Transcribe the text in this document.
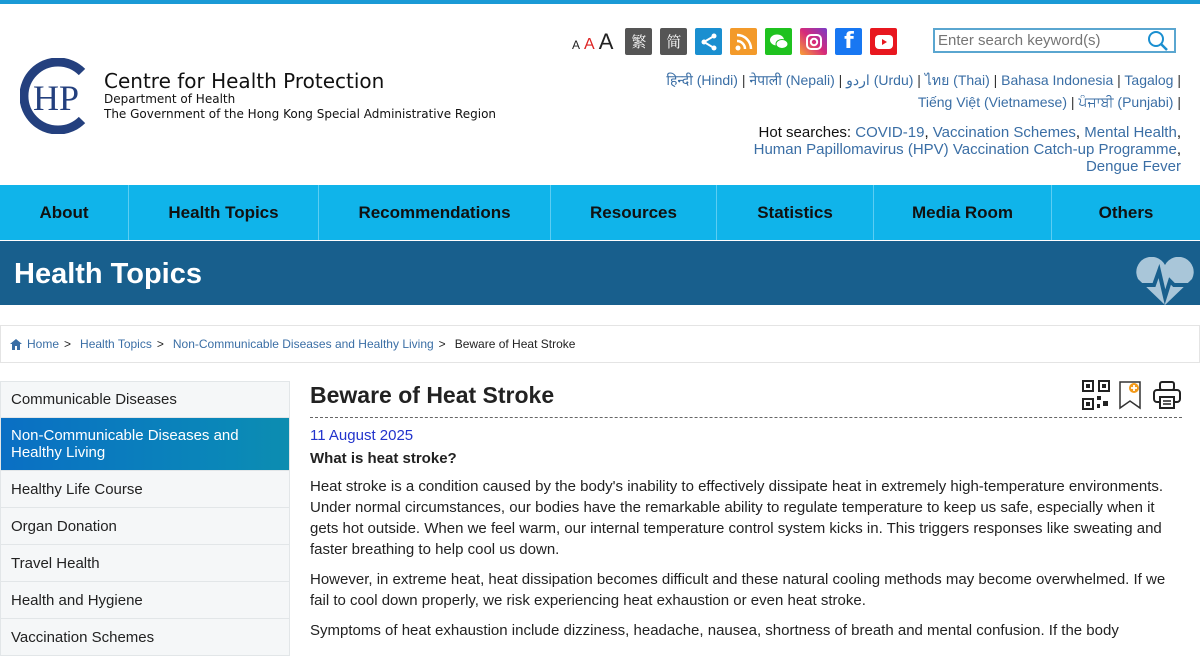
HP Centre for Health Protection
Department of Health
The Government of the Hong Kong Special Administrative Region
A A A	繁	简	f
Enter search keyword(s)
हिन्दी (Hindi) | नेपाली (Nepali) | اردو (Urdu) | ไทย (Thai) | Bahasa Indonesia | Tagalog |
Tiếng Việt (Vietnamese) | ਪੰਜਾਬੀ (Punjabi) |
Hot searches: COVID-19, Vaccination Schemes, Mental Health,
Human Papillomavirus (HPV) Vaccination Catch-up Programme,
Dengue Fever
About	Health Topics	Recommendations	Resources	Statistics	Media Room	Others
Health Topics
Home > Health Topics > Non-Communicable Diseases and Healthy Living > Beware of Heat Stroke
Communicable Diseases
Non-Communicable Diseases and Healthy Living
Healthy Life Course
Organ Donation
Travel Health
Health and Hygiene
Vaccination Schemes
Beware of Heat Stroke
11 August 2025
What is heat stroke?

Heat stroke is a condition caused by the body's inability to effectively dissipate heat in extremely high-temperature environments. Under normal circumstances, our bodies have the remarkable ability to regulate temperature to keep us safe, especially when it gets hot outside. When we feel warm, our internal temperature control system kicks in. This triggers responses like sweating and faster breathing to help cool us down.

However, in extreme heat, heat dissipation becomes difficult and these natural cooling methods may become overwhelmed. If we fail to cool down properly, we risk experiencing heat exhaustion or even heat stroke.

Symptoms of heat exhaustion include dizziness, headache, nausea, shortness of breath and mental confusion. If the body
